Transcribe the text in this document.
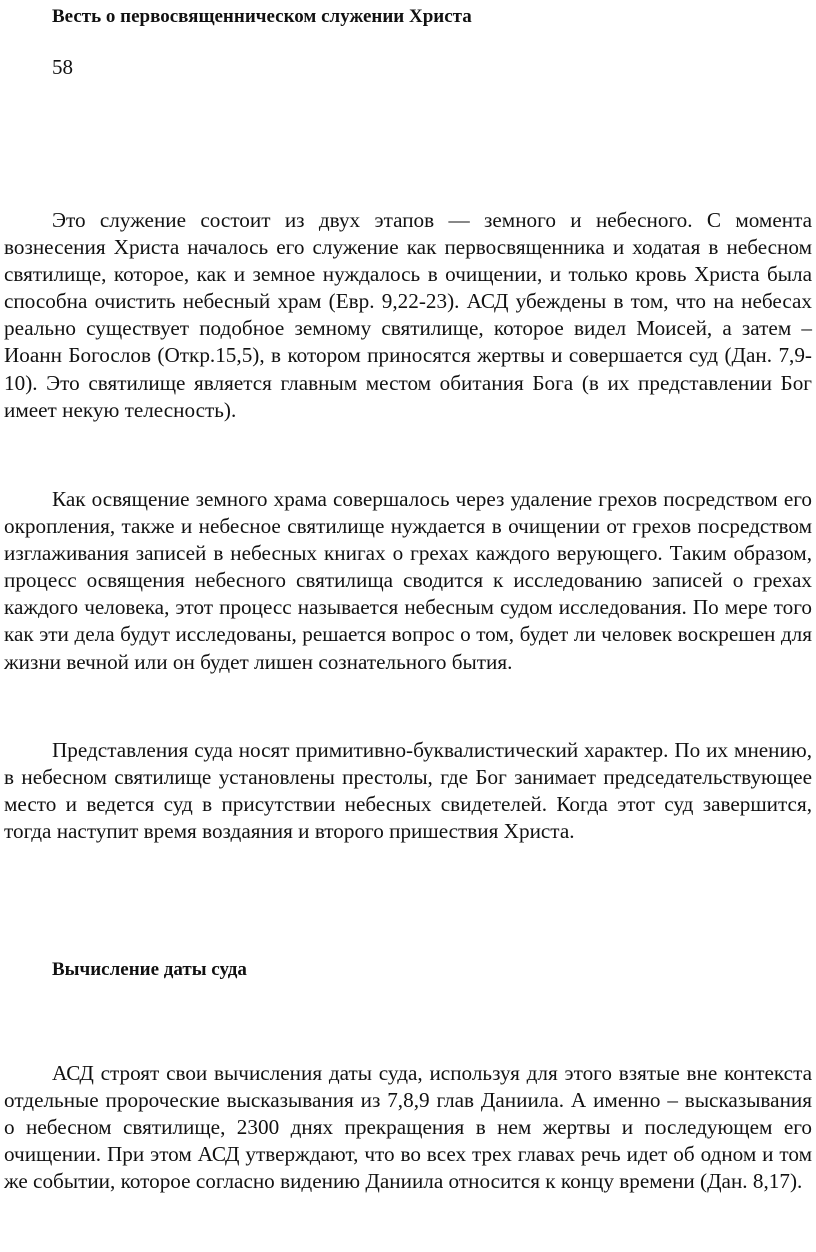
Весть о первосвященническом служении Христа

58

Это служение состоит из двух этапов — земного и небесного. С момента вознесения Христа началось его служение как первосвященника и ходатая в небесном святилище, которое, как и земное нуждалось в очищении, и только кровь Христа была способна очистить небесный храм (Евр. 9,22-23). АСД убеждены в том, что на небесах реально существует подобное земному святилище, которое видел Моисей, а затем – Иоанн Богослов (Откр.15,5), в котором приносятся жертвы и совершается суд (Дан. 7,9-10). Это святилище является главным местом обитания Бога (в их представлении Бог имеет некую телесность).

Как освящение земного храма совершалось через удаление грехов посредством его окропления, также и небесное святилище нуждается в очищении от грехов посредством изглаживания записей в небесных книгах о грехах каждого верующего. Таким образом, процесс освящения небесного святилища сводится к исследованию записей о грехах каждого человека, этот процесс называется небесным судом исследования. По мере того как эти дела будут исследованы, решается вопрос о том, будет ли человек воскрешен для жизни вечной или он будет лишен сознательного бытия.

Представления суда носят примитивно-буквалистический характер. По их мнению, в небесном святилище установлены престолы, где Бог занимает председательствующее место и ведется суд в присутствии небесных свидетелей. Когда этот суд завершится, тогда наступит время воздаяния и второго пришествия Христа.

Вычисление даты суда

АСД строят свои вычисления даты суда, используя для этого взятые вне контекста отдельные пророческие высказывания из 7,8,9 глав Даниила. А именно – высказывания о небесном святилище, 2300 днях прекращения в нем жертвы и последующем его очищении. При этом АСД утверждают, что во всех трех главах речь идет об одном и том же событии, которое согласно видению Даниила относится к концу времени (Дан. 8,17).
